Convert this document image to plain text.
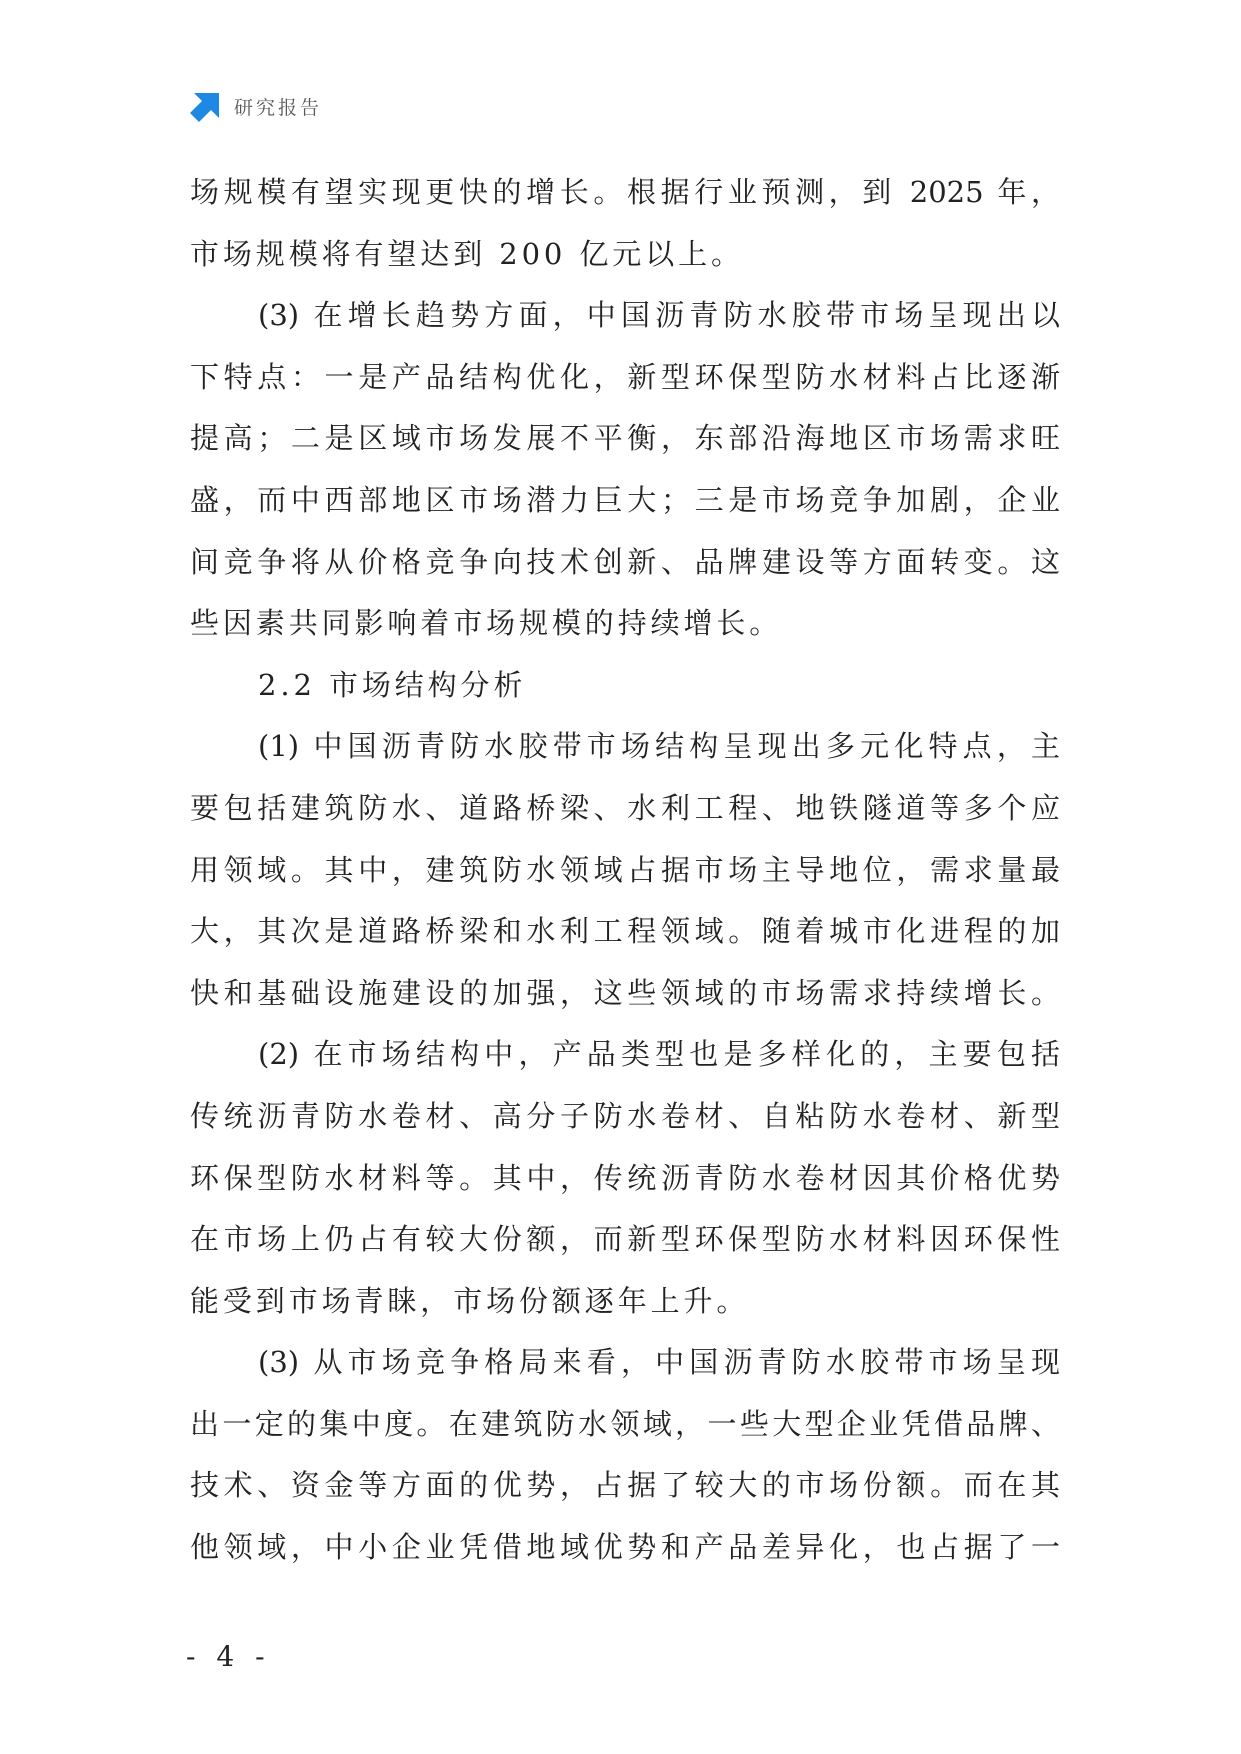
研究报告
场规模有望实现更快的增长。根据行业预测，到 2025 年，
市场规模将有望达到 200 亿元以上。
(3) 在增长趋势方面，中国沥青防水胶带市场呈现出以
下特点：一是产品结构优化，新型环保型防水材料占比逐渐
提高；二是区域市场发展不平衡，东部沿海地区市场需求旺
盛，而中西部地区市场潜力巨大；三是市场竞争加剧，企业
间竞争将从价格竞争向技术创新、品牌建设等方面转变。这
些因素共同影响着市场规模的持续增长。
2.2 市场结构分析
(1) 中国沥青防水胶带市场结构呈现出多元化特点，主
要包括建筑防水、道路桥梁、水利工程、地铁隧道等多个应
用领域。其中，建筑防水领域占据市场主导地位，需求量最
大，其次是道路桥梁和水利工程领域。随着城市化进程的加
快和基础设施建设的加强，这些领域的市场需求持续增长。
(2) 在市场结构中，产品类型也是多样化的，主要包括
传统沥青防水卷材、高分子防水卷材、自粘防水卷材、新型
环保型防水材料等。其中，传统沥青防水卷材因其价格优势
在市场上仍占有较大份额，而新型环保型防水材料因环保性
能受到市场青睐，市场份额逐年上升。
(3) 从市场竞争格局来看，中国沥青防水胶带市场呈现
出一定的集中度。在建筑防水领域，一些大型企业凭借品牌、
技术、资金等方面的优势，占据了较大的市场份额。而在其
他领域，中小企业凭借地域优势和产品差异化，也占据了一
- 4 -
